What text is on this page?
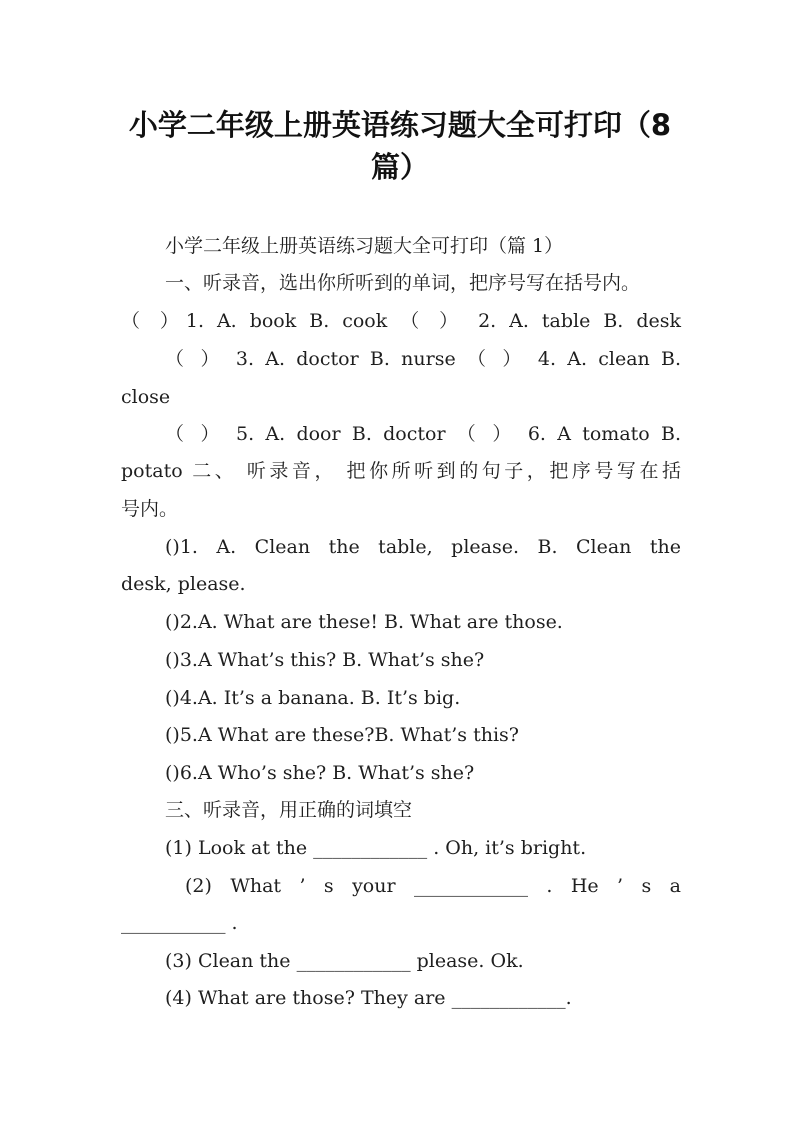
小学二年级上册英语练习题大全可打印（8
篇）
小学二年级上册英语练习题大全可打印（篇 1）
一、听录音，选出你所听到的单词，把序号写在括号内。
（ ）1. A. book B. cook （ ） 2. A. table B. desk
（ ） 3. A. doctor B. nurse （ ） 4. A. clean B.
close
（ ） 5. A. door B. doctor （ ） 6. A tomato B.
potato 二、 听录音， 把你所听到的句子，把序号写在括
号内。
()1. A. Clean the table, please. B. Clean the
desk, please.
()2.A. What are these! B. What are those.
()3.A What’s this? B. What’s she?
()4.A. It’s a banana. B. It’s big.
()5.A What are these?B. What’s this?
()6.A Who’s she? B. What’s she?
三、听录音，用正确的词填空
(1) Look at the ____________ . Oh, it’s bright.
(2) What ’ s your ____________ . He ’ s a
___________ .
(3) Clean the ____________ please. Ok.
(4) What are those? They are ____________.
